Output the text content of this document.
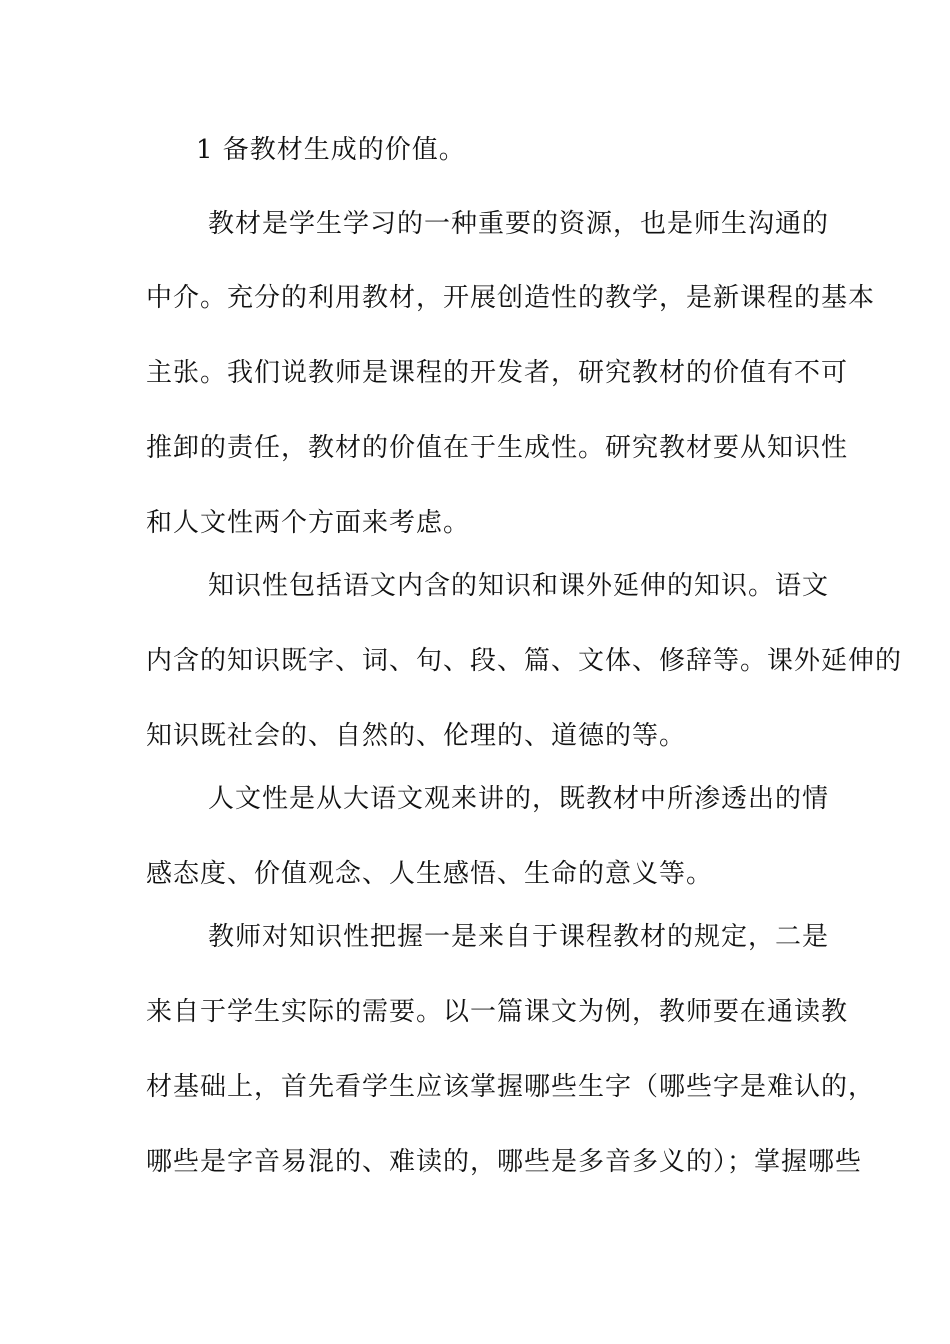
1 备教材生成的价值。
教材是学生学习的一种重要的资源，也是师生沟通的
中介。充分的利用教材，开展创造性的教学，是新课程的基本
主张。我们说教师是课程的开发者，研究教材的价值有不可
推卸的责任，教材的价值在于生成性。研究教材要从知识性
和人文性两个方面来考虑。
知识性包括语文内含的知识和课外延伸的知识。语文
内含的知识既字、词、句、段、篇、文体、修辞等。课外延伸的
知识既社会的、自然的、伦理的、道德的等。
人文性是从大语文观来讲的，既教材中所渗透出的情
感态度、价值观念、人生感悟、生命的意义等。
教师对知识性把握一是来自于课程教材的规定，二是
来自于学生实际的需要。以一篇课文为例，教师要在通读教
材基础上，首先看学生应该掌握哪些生字（哪些字是难认的，
哪些是字音易混的、难读的，哪些是多音多义的）；掌握哪些
